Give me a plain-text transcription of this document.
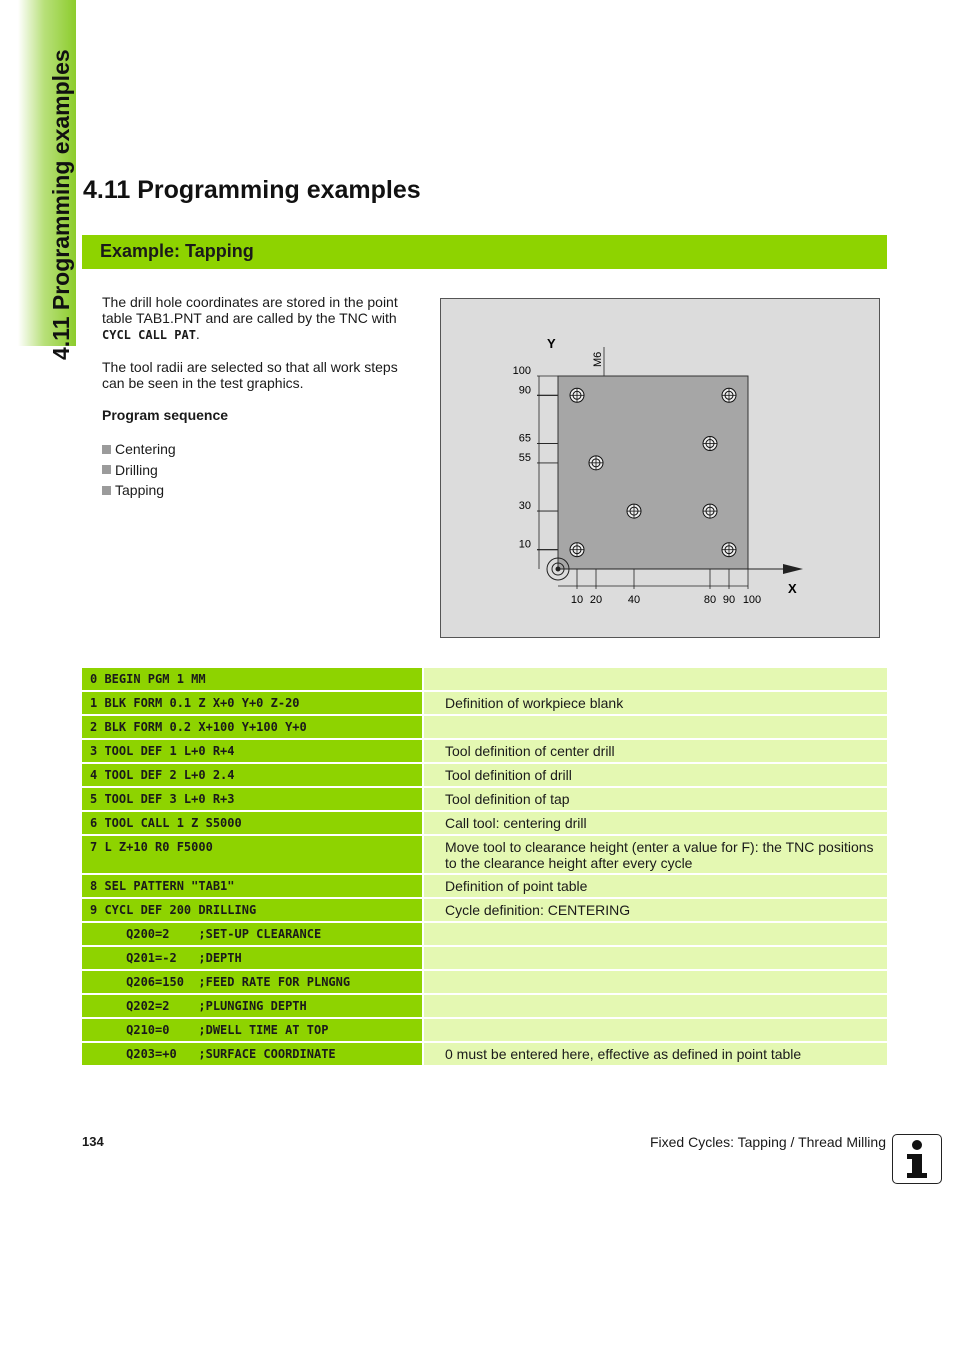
4.11 Programming examples 4.11 Programming examples
Example: Tapping

The drill hole coordinates are stored in the point table TAB1.PNT and are called by the TNC with CYCL CALL PAT.

The tool radii are selected so that all work steps can be seen in the test graphics.

Program sequence

Centering
Drilling
Tapping
Y
X
M6
100
90
65
55
30
10
10 20 40	80 90 100
0 BEGIN PGM 1 MM
1 BLK FORM 0.1 Z X+0 Y+0 Z-20	Definition of workpiece blank
2 BLK FORM 0.2 X+100 Y+100 Y+0
3 TOOL DEF 1 L+0 R+4	Tool definition of center drill
4 TOOL DEF 2 L+0 2.4	Tool definition of drill
5 TOOL DEF 3 L+0 R+3	Tool definition of tap
6 TOOL CALL 1 Z S5000	Call tool: centering drill
7 L Z+10 R0 F5000	Move tool to clearance height (enter a value for F): the TNC positions to the clearance height after every cycle
8 SEL PATTERN "TAB1"	Definition of point table
9 CYCL DEF 200 DRILLING	Cycle definition: CENTERING
Q200=2    ;SET-UP CLEARANCE
Q201=-2   ;DEPTH
Q206=150  ;FEED RATE FOR PLNGNG
Q202=2    ;PLUNGING DEPTH
Q210=0    ;DWELL TIME AT TOP
Q203=+0   ;SURFACE COORDINATE	0 must be entered here, effective as defined in point table
134	Fixed Cycles: Tapping / Thread Milling
